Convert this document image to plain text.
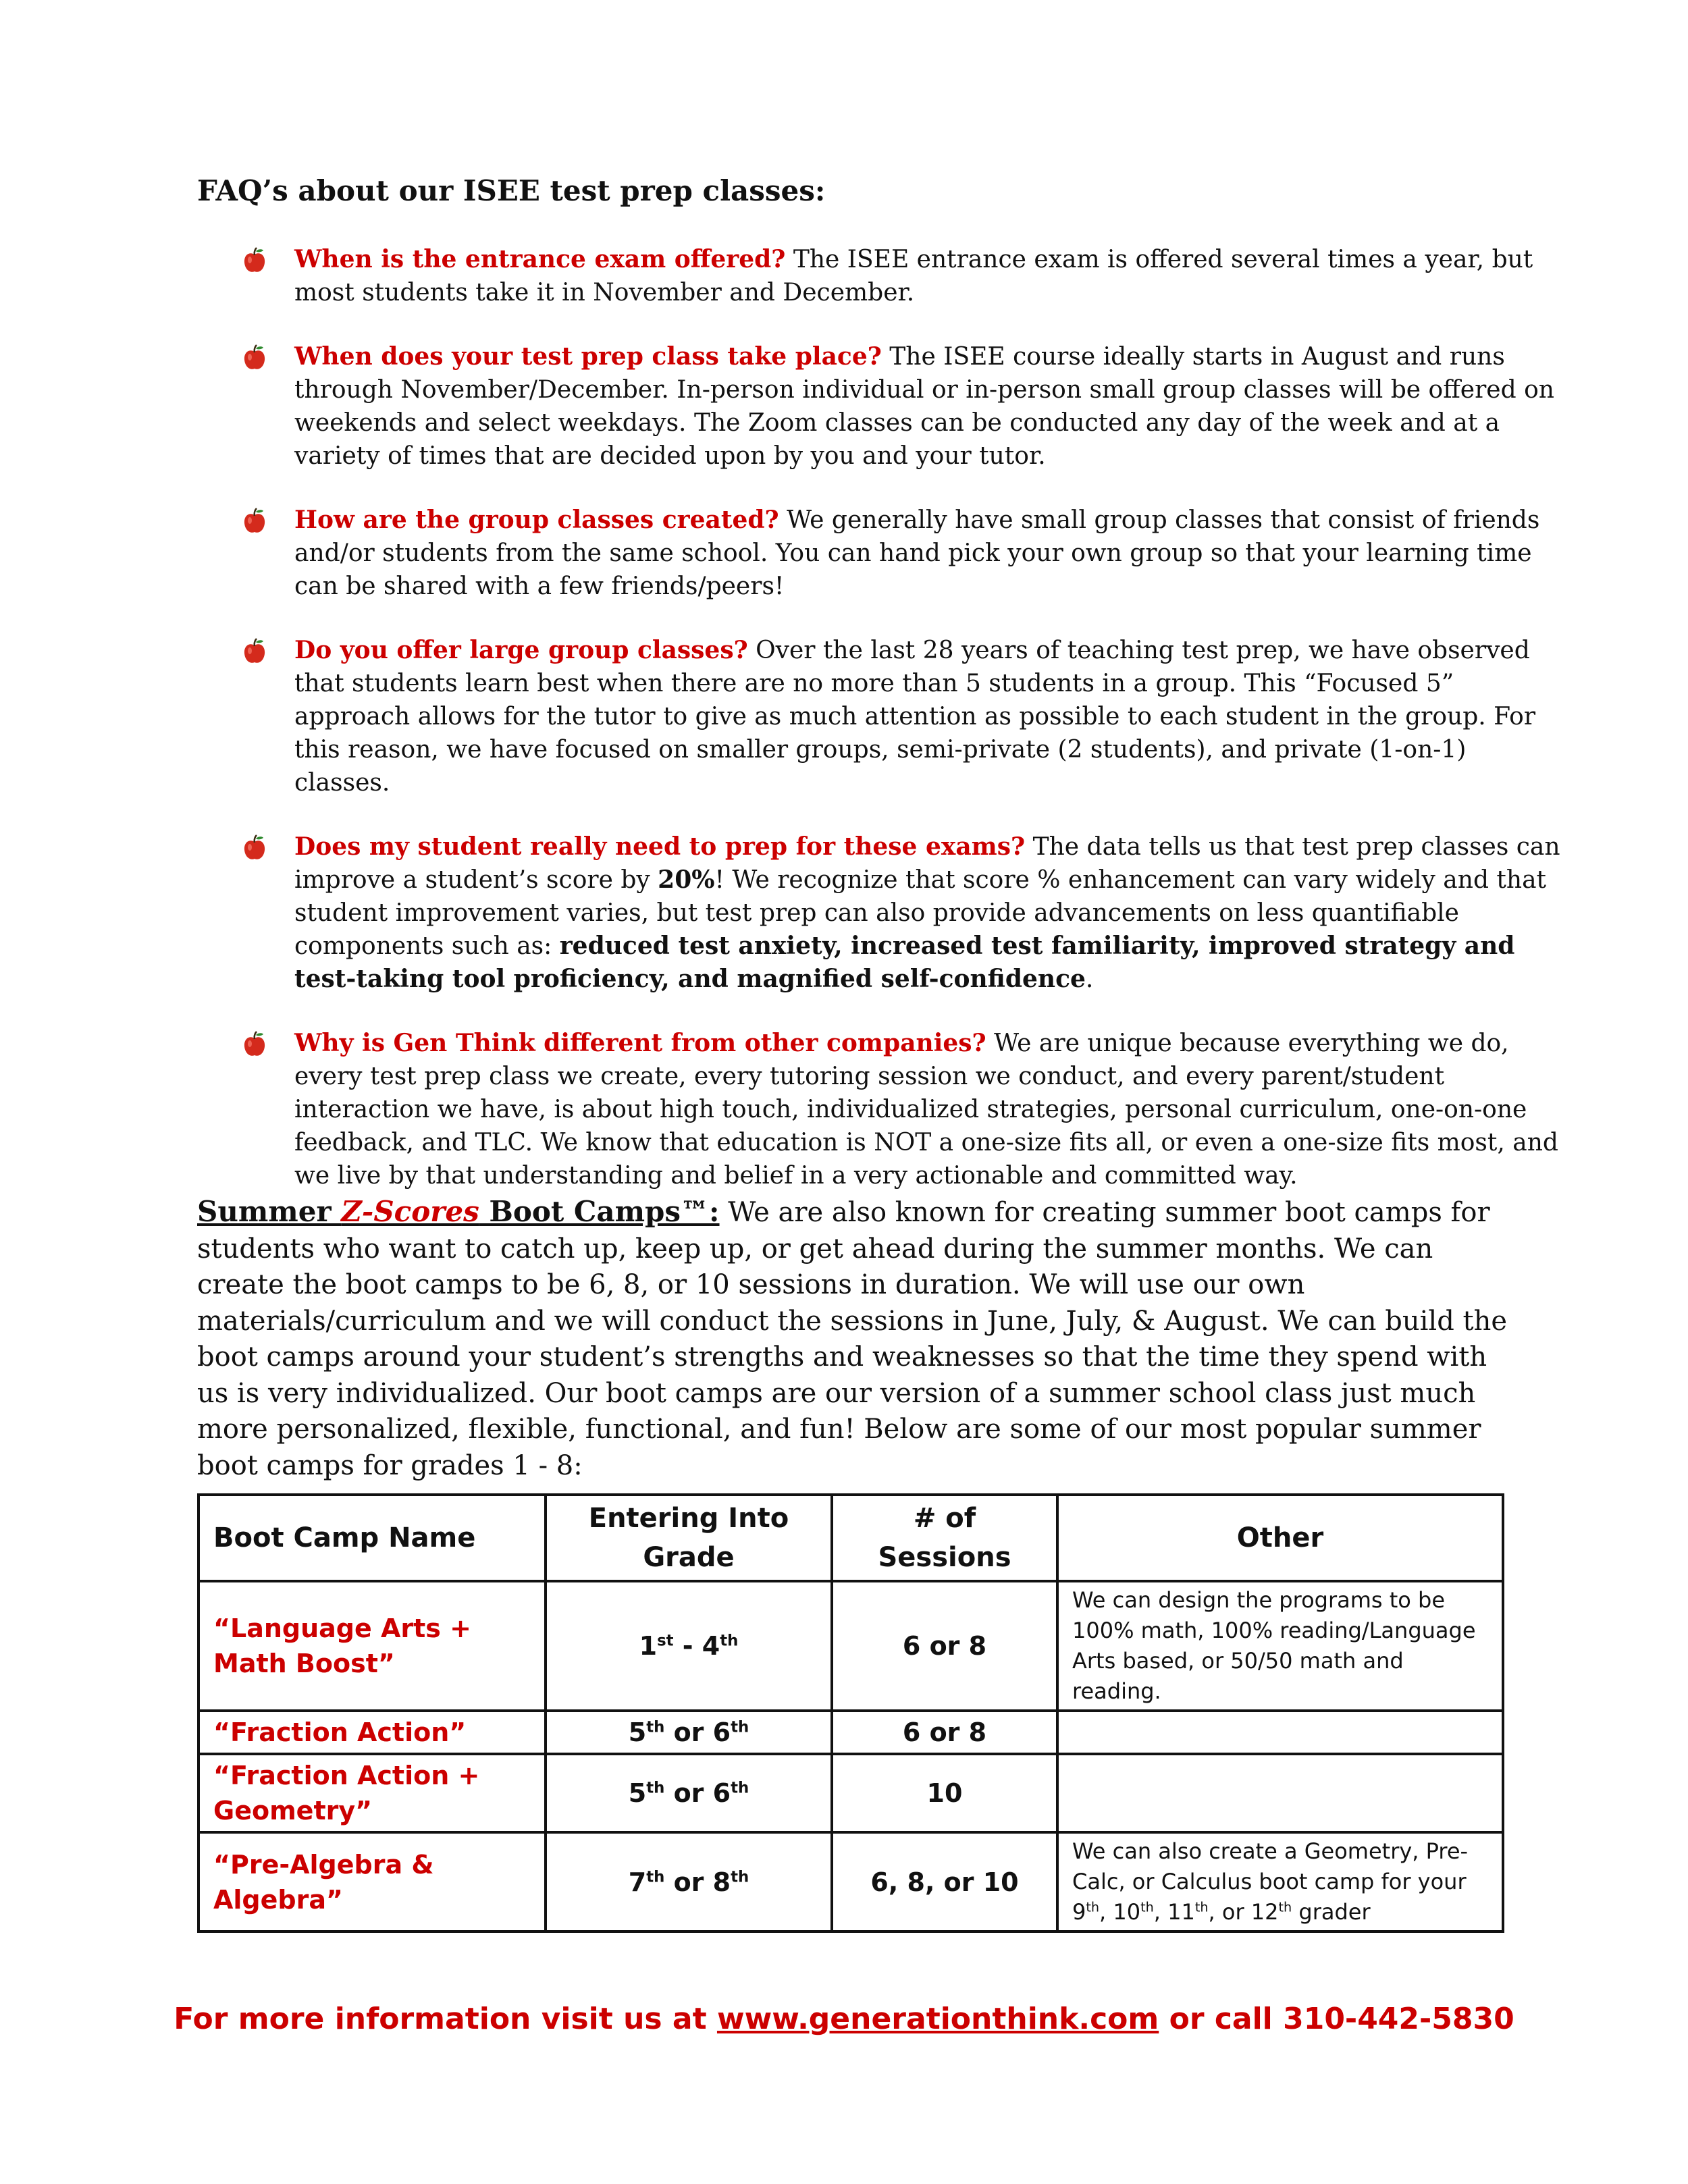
FAQ’s about our ISEE test prep classes:
When is the entrance exam offered? The ISEE entrance exam is offered several times a year, but most students take it in November and December.
When does your test prep class take place? The ISEE course ideally starts in August and runs through November/December. In-person individual or in-person small group classes will be offered on weekends and select weekdays. The Zoom classes can be conducted any day of the week and at a variety of times that are decided upon by you and your tutor.
How are the group classes created? We generally have small group classes that consist of friends and/or students from the same school. You can hand pick your own group so that your learning time can be shared with a few friends/peers!
Do you offer large group classes? Over the last 28 years of teaching test prep, we have observed that students learn best when there are no more than 5 students in a group. This “Focused 5” approach allows for the tutor to give as much attention as possible to each student in the group. For this reason, we have focused on smaller groups, semi-private (2 students), and private (1-on-1) classes.
Does my student really need to prep for these exams? The data tells us that test prep classes can improve a student’s score by 20%! We recognize that score % enhancement can vary widely and that student improvement varies, but test prep can also provide advancements on less quantifiable components such as: reduced test anxiety, increased test familiarity, improved strategy and test-taking tool proficiency, and magnified self-confidence.
Why is Gen Think different from other companies? We are unique because everything we do, every test prep class we create, every tutoring session we conduct, and every parent/student interaction we have, is about high touch, individualized strategies, personal curriculum, one-on-one feedback, and TLC. We know that education is NOT a one-size fits all, or even a one-size fits most, and we live by that understanding and belief in a very actionable and committed way.
Summer Z-Scores Boot Camps™: We are also known for creating summer boot camps for students who want to catch up, keep up, or get ahead during the summer months. We can create the boot camps to be 6, 8, or 10 sessions in duration. We will use our own materials/curriculum and we will conduct the sessions in June, July, & August. We can build the boot camps around your student’s strengths and weaknesses so that the time they spend with us is very individualized. Our boot camps are our version of a summer school class just much more personalized, flexible, functional, and fun! Below are some of our most popular summer boot camps for grades 1 - 8:
Boot Camp Name	Entering Into Grade	# of Sessions	Other
“Language Arts + Math Boost”	1st - 4th	6 or 8	We can design the programs to be 100% math, 100% reading/Language Arts based, or 50/50 math and reading.
“Fraction Action”	5th or 6th	6 or 8	
“Fraction Action + Geometry”	5th or 6th	10	
“Pre-Algebra & Algebra”	7th or 8th	6, 8, or 10	We can also create a Geometry, Pre-Calc, or Calculus boot camp for your 9th, 10th, 11th, or 12th grader
For more information visit us at www.generationthink.com or call 310-442-5830
